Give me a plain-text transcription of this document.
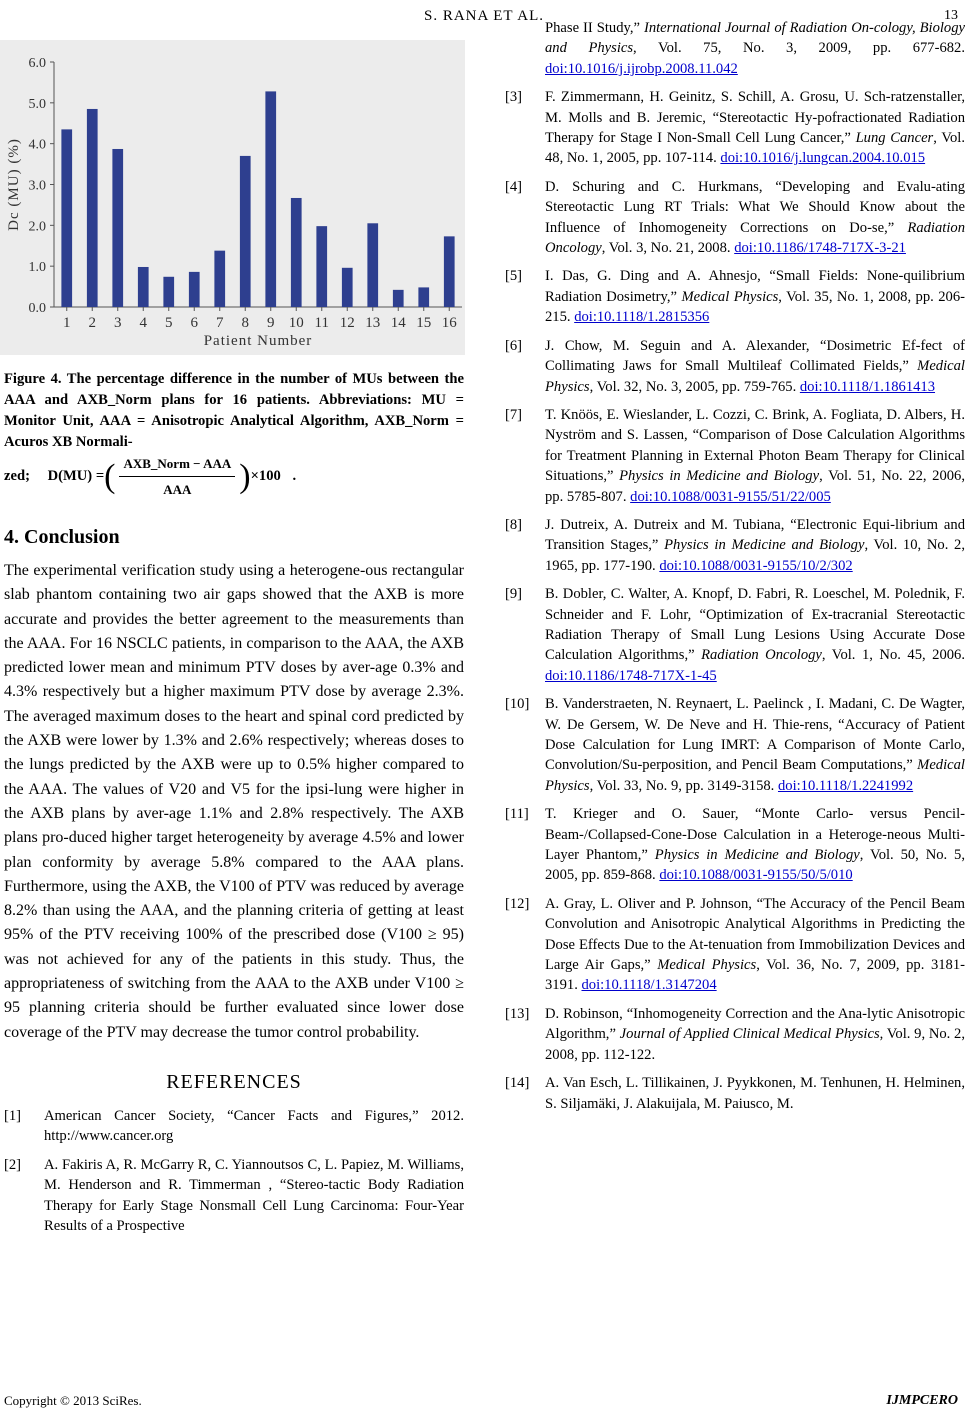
S. RANA ET AL.	13
0.0
1.0
2.0
3.0
4.0
5.0
6.0
1 2 3 4 5 6 7 8 9 10 11 12 13 14 15 16
Patient Number
Dc (MU) (%)
Figure 4. The percentage difference in the number of MUs between the AAA and AXB_Norm plans for 16 patients. Abbreviations: MU = Monitor Unit, AAA = Anisotropic Analytical Algorithm, AXB_Norm = Acuros XB Normali-
zed; D(MU) = ( $\frac{\text{AXB\_Norm − AAA}}{\text{AAA}}$ ) ×100 .
4. Conclusion

The experimental verification study using a heterogene-ous rectangular slab phantom containing two air gaps showed that the AXB is more accurate and provides the better agreement to the measurements than the AAA. For 16 NSCLC patients, in comparison to the AAA, the AXB predicted lower mean and minimum PTV doses by aver-age 0.3% and 4.3% respectively but a higher maximum PTV dose by average 2.3%. The averaged maximum doses to the heart and spinal cord predicted by the AXB were lower by 1.3% and 2.6% respectively; whereas doses to the lungs predicted by the AXB were up to 0.5% higher compared to the AAA. The values of V20 and V5 for the ipsi-lung were higher in the AXB plans by aver-age 1.1% and 2.8% respectively. The AXB plans pro-duced higher target heterogeneity by average 4.5% and lower plan conformity by average 5.8% compared to the AAA plans. Furthermore, using the AXB, the V100 of PTV was reduced by average 8.2% than using the AAA, and the planning criteria of getting at least 95% of the PTV receiving 100% of the prescribed dose (V100 ≥ 95) was not achieved for any of the patients in this study. Thus, the appropriateness of switching from the AAA to the AXB under V100 ≥ 95 planning criteria should be further evaluated since lower dose coverage of the PTV may decrease the tumor control probability.

REFERENCES
[1] American Cancer Society, “Cancer Facts and Figures,” 2012. http://www.cancer.org
[2] A. Fakiris A, R. McGarry R, C. Yiannoutsos C, L. Papiez, M. Williams, M. Henderson and R. Timmerman , “Stereo-tactic Body Radiation Therapy for Early Stage Nonsmall Cell Lung Carcinoma: Four-Year Results of a Prospective
Phase II Study,” International Journal of Radiation On-cology, Biology and Physics, Vol. 75, No. 3, 2009, pp. 677-682. doi:10.1016/j.ijrobp.2008.11.042
[3] F. Zimmermann, H. Geinitz, S. Schill, A. Grosu, U. Sch-ratzenstaller, M. Molls and B. Jeremic, “Stereotactic Hy-pofractionated Radiation Therapy for Stage I Non-Small Cell Lung Cancer,” Lung Cancer, Vol. 48, No. 1, 2005, pp. 107-114. doi:10.1016/j.lungcan.2004.10.015
[4] D. Schuring and C. Hurkmans, “Developing and Evalu-ating Stereotactic Lung RT Trials: What We Should Know about the Influence of Inhomogeneity Corrections on Do-se,” Radiation Oncology, Vol. 3, No. 21, 2008. doi:10.1186/1748-717X-3-21
[5] I. Das, G. Ding and A. Ahnesjo, “Small Fields: None-quilibrium Radiation Dosimetry,” Medical Physics, Vol. 35, No. 1, 2008, pp. 206-215. doi:10.1118/1.2815356
[6] J. Chow, M. Seguin and A. Alexander, “Dosimetric Ef-fect of Collimating Jaws for Small Multileaf Collimated Fields,” Medical Physics, Vol. 32, No. 3, 2005, pp. 759-765. doi:10.1118/1.1861413
[7] T. Knöös, E. Wieslander, L. Cozzi, C. Brink, A. Fogliata, D. Albers, H. Nyström and S. Lassen, “Comparison of Dose Calculation Algorithms for Treatment Planning in External Photon Beam Therapy for Clinical Situations,” Physics in Medicine and Biology, Vol. 51, No. 22, 2006, pp. 5785-807. doi:10.1088/0031-9155/51/22/005
[8] J. Dutreix, A. Dutreix and M. Tubiana, “Electronic Equi-librium and Transition Stages,” Physics in Medicine and Biology, Vol. 10, No. 2, 1965, pp. 177-190. doi:10.1088/0031-9155/10/2/302
[9] B. Dobler, C. Walter, A. Knopf, D. Fabri, R. Loeschel, M. Polednik, F. Schneider and F. Lohr, “Optimization of Ex-tracranial Stereotactic Radiation Therapy of Small Lung Lesions Using Accurate Dose Calculation Algorithms,” Radiation Oncology, Vol. 1, No. 45, 2006. doi:10.1186/1748-717X-1-45
[10] B. Vanderstraeten, N. Reynaert, L. Paelinck , I. Madani, C. De Wagter, W. De Gersem, W. De Neve and H. Thie-rens, “Accuracy of Patient Dose Calculation for Lung IMRT: A Comparison of Monte Carlo, Convolution/Su-perposition, and Pencil Beam Computations,” Medical Physics, Vol. 33, No. 9, pp. 3149-3158. doi:10.1118/1.2241992
[11] T. Krieger and O. Sauer, “Monte Carlo- versus Pencil-Beam-/Collapsed-Cone-Dose Calculation in a Heteroge-neous Multi-Layer Phantom,” Physics in Medicine and Biology, Vol. 50, No. 5, 2005, pp. 859-868. doi:10.1088/0031-9155/50/5/010
[12] A. Gray, L. Oliver and P. Johnson, “The Accuracy of the Pencil Beam Convolution and Anisotropic Analytical Algorithms in Predicting the Dose Effects Due to the At-tenuation from Immobilization Devices and Large Air Gaps,” Medical Physics, Vol. 36, No. 7, 2009, pp. 3181-3191. doi:10.1118/1.3147204
[13] D. Robinson, “Inhomogeneity Correction and the Ana-lytic Anisotropic Algorithm,” Journal of Applied Clinical Medical Physics, Vol. 9, No. 2, 2008, pp. 112-122.
[14] A. Van Esch, L. Tillikainen, J. Pyykkonen, M. Tenhunen, H. Helminen, S. Siljamäki, J. Alakuijala, M. Paiusco, M.
Copyright © 2013 SciRes.	IJMPCERO
